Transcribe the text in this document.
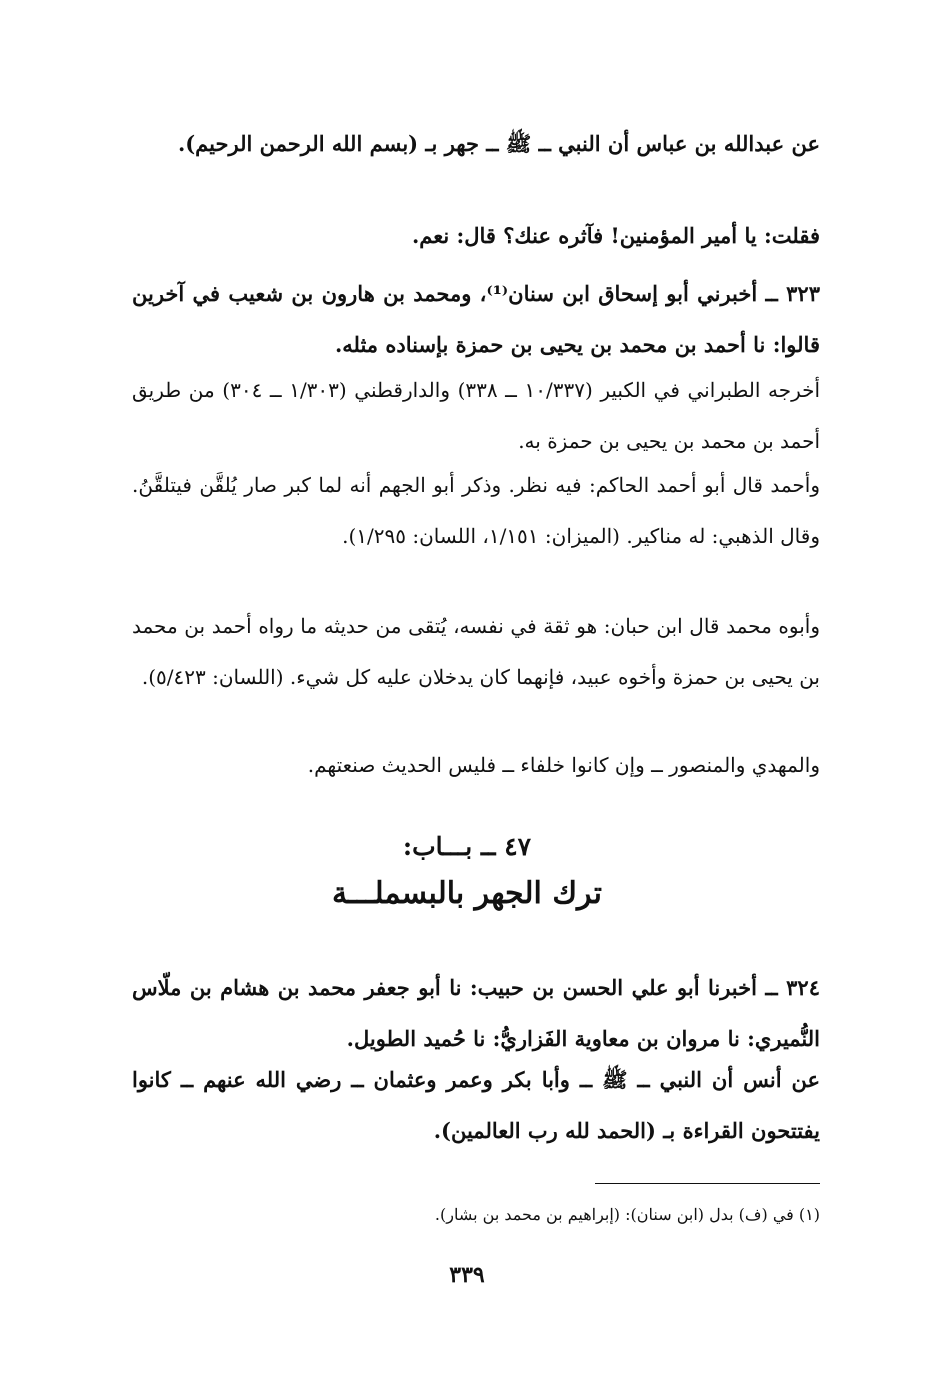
عن عبدالله بن عباس أن النبي ــ ﷺ ــ جهر بـ (بسم الله الرحمن الرحيم).

فقلت: يا أمير المؤمنين! فآثره عنك؟ قال: نعم.

٣٢٣ ــ أخبرني أبو إسحاق ابن سنان⁽¹⁾، ومحمد بن هارون بن شعيب في آخرين قالوا: نا أحمد بن محمد بن يحيى بن حمزة بإسناده مثله.

أخرجه الطبراني في الكبير (١٠/٣٣٧ ــ ٣٣٨) والدارقطني (١/٣٠٣ ــ ٣٠٤) من طريق أحمد بن محمد بن يحيى بن حمزة به.

وأحمد قال أبو أحمد الحاكم: فيه نظر. وذكر أبو الجهم أنه لما كبر صار يُلقَّن فيتلقَّنُ. وقال الذهبي: له مناكير. (الميزان: ١/١٥١، اللسان: ١/٢٩٥).

وأبوه محمد قال ابن حبان: هو ثقة في نفسه، يُتقى من حديثه ما رواه أحمد بن محمد بن يحيى بن حمزة وأخوه عبيد، فإنهما كان يدخلان عليه كل شيء. (اللسان: ٥/٤٢٣).

والمهدي والمنصور ــ وإن كانوا خلفاء ــ فليس الحديث صنعتهم.

٤٧ ــ بـــاب:
ترك الجهر بالبسملـــة

٣٢٤ ــ أخبرنا أبو علي الحسن بن حبيب: نا أبو جعفر محمد بن هشام بن ملّاس النُّميري: نا مروان بن معاوية الفَزاريُّ: نا حُميد الطويل.

عن أنس أن النبي ــ ﷺ ــ وأبا بكر وعمر وعثمان ــ رضي الله عنهم ــ كانوا يفتتحون القراءة بـ (الحمد لله رب العالمين).

(١) في (ف) بدل (ابن سنان): (إبراهيم بن محمد بن بشار).

٣٣٩
